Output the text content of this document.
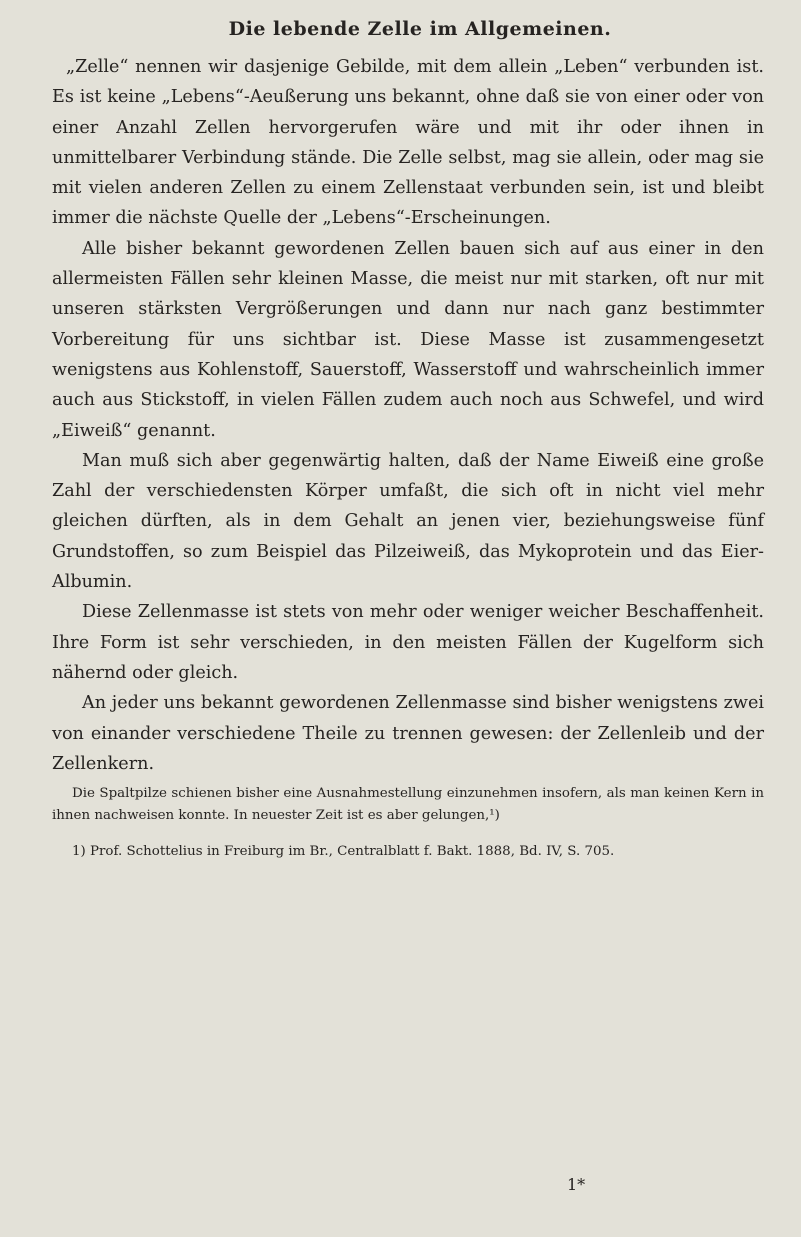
Die lebende Zelle im Allgemeinen.

„Zelle“ nennen wir dasjenige Gebilde, mit dem allein „Leben“ verbunden ist. Es ist keine „Lebens“-Aeußerung uns bekannt, ohne daß sie von einer oder von einer Anzahl Zellen hervorgerufen wäre und mit ihr oder ihnen in unmittelbarer Verbindung stände. Die Zelle selbst, mag sie allein, oder mag sie mit vielen anderen Zellen zu einem Zellenstaat verbunden sein, ist und bleibt immer die nächste Quelle der „Lebens“-Erscheinungen.

Alle bisher bekannt gewordenen Zellen bauen sich auf aus einer in den allermeisten Fällen sehr kleinen Masse, die meist nur mit starken, oft nur mit unseren stärksten Vergrößerungen und dann nur nach ganz bestimmter Vorbereitung für uns sichtbar ist. Diese Masse ist zusammengesetzt wenigstens aus Kohlenstoff, Sauerstoff, Wasserstoff und wahrscheinlich immer auch aus Stickstoff, in vielen Fällen zudem auch noch aus Schwefel, und wird „Eiweiß“ genannt.

Man muß sich aber gegenwärtig halten, daß der Name Eiweiß eine große Zahl der verschiedensten Körper umfaßt, die sich oft in nicht viel mehr gleichen dürften, als in dem Gehalt an jenen vier, beziehungsweise fünf Grundstoffen, so zum Beispiel das Pilzeiweiß, das Mykoprotein und das Eier-Albumin.

Diese Zellenmasse ist stets von mehr oder weniger weicher Beschaffenheit. Ihre Form ist sehr verschieden, in den meisten Fällen der Kugelform sich nähernd oder gleich.

An jeder uns bekannt gewordenen Zellenmasse sind bisher wenigstens zwei von einander verschiedene Theile zu trennen gewesen: der Zellenleib und der Zellenkern.

Die Spaltpilze schienen bisher eine Ausnahmestellung einzunehmen insofern, als man keinen Kern in ihnen nachweisen konnte. In neuester Zeit ist es aber gelungen,¹)

1) Prof. Schottelius in Freiburg im Br., Centralblatt f. Bakt. 1888, Bd. IV, S. 705.

1*
